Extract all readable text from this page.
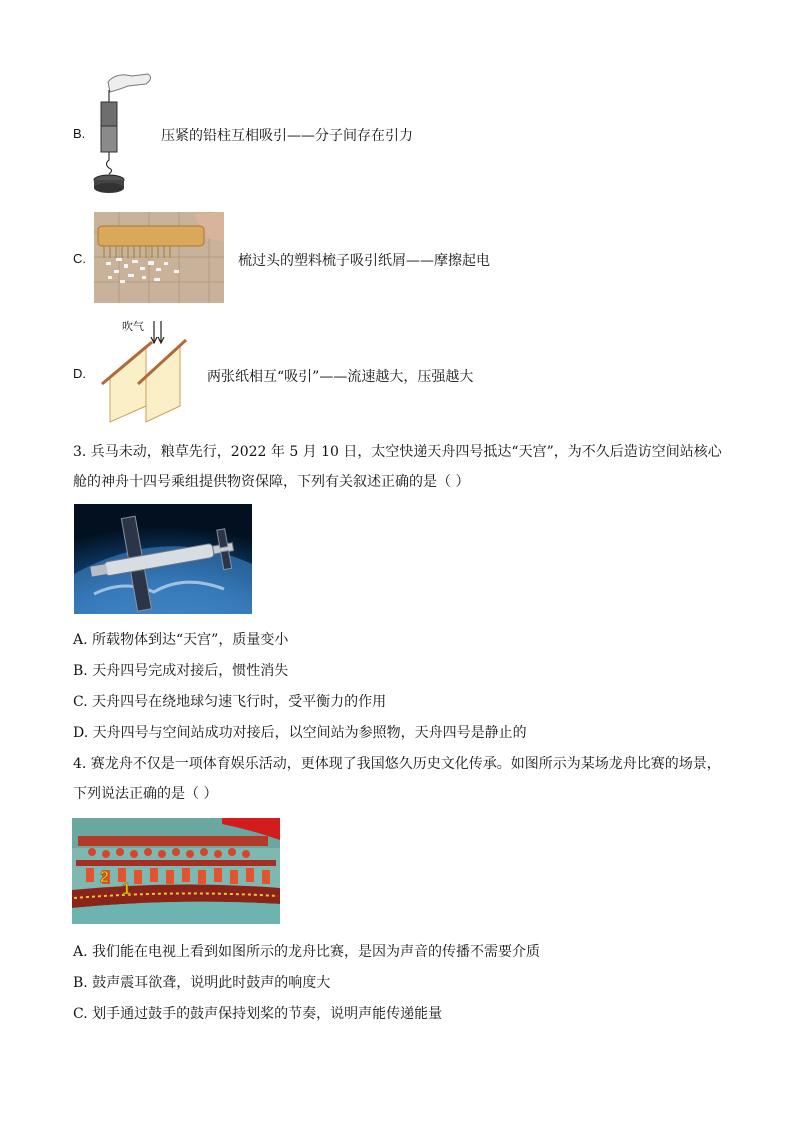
B.	压紧的铅柱互相吸引——分子间存在引力
C.	梳过头的塑料梳子吸引纸屑——摩擦起电
D.
吹气
两张纸相互“吸引”——流速越大，压强越大
3. 兵马未动，粮草先行，2022 年 5 月 10 日，太空快递天舟四号抵达“天宫”，为不久后造访空间站核心
舱的神舟十四号乘组提供物资保障，下列有关叙述正确的是（ ）
A. 所载物体到达“天宫”，质量变小
B. 天舟四号完成对接后，惯性消失
C. 天舟四号在绕地球匀速飞行时，受平衡力的作用
D. 天舟四号与空间站成功对接后，以空间站为参照物，天舟四号是静止的
4. 赛龙舟不仅是一项体育娱乐活动，更体现了我国悠久历史文化传承。如图所示为某场龙舟比赛的场景，
下列说法正确的是（ ）
2
1
A. 我们能在电视上看到如图所示的龙舟比赛，是因为声音的传播不需要介质
B. 鼓声震耳欲聋，说明此时鼓声的响度大
C. 划手通过鼓手的鼓声保持划桨的节奏，说明声能传递能量
